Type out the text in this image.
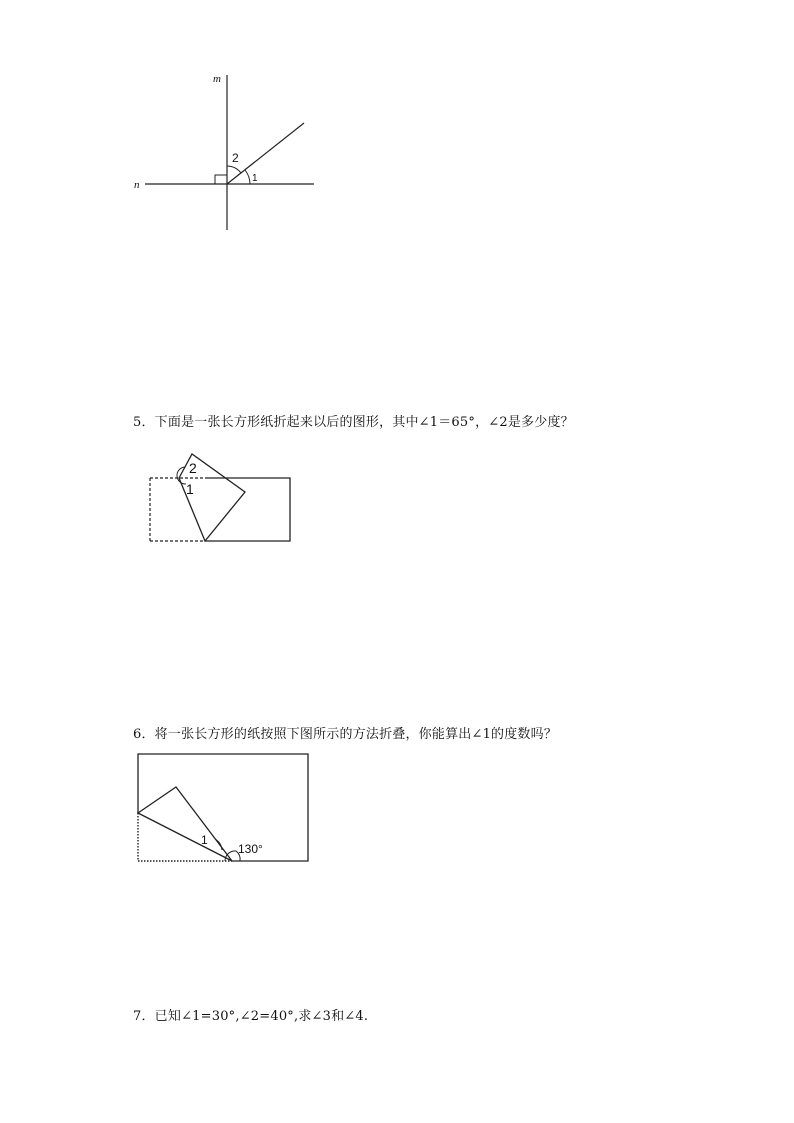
m
n
2
1
5．下面是一张长方形纸折起来以后的图形，其中∠1＝65°，∠2是多少度？
2
1
6．将一张长方形的纸按照下图所示的方法折叠，你能算出∠1的度数吗？
1
130°
7．已知∠1=30°,∠2=40°,求∠3和∠4.
